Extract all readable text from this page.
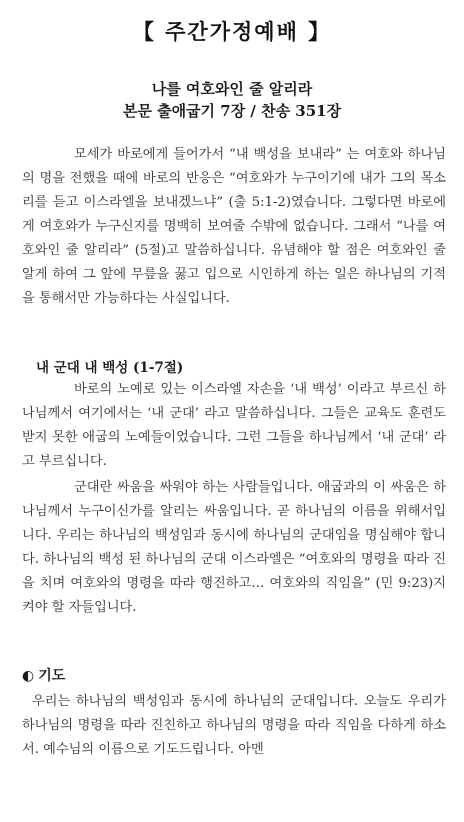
【 주간가정예배 】
나를 여호와인 줄 알리라
본문 출애굽기 7장 / 찬송 351장
모세가 바로에게 들어가서 “내 백성을 보내라” 는 여호와 하나님의 명을 전했을 때에 바로의 반응은 “여호와가 누구이기에 내가 그의 목소리를 듣고 이스라엘을 보내겠느냐” (출 5:1-2)였습니다. 그렇다면 바로에게 여호와가 누구신지를 명백히 보여줄 수밖에 없습니다. 그래서 “나를 여호와인 줄 알리라” (5절)고 말씀하십니다. 유념해야 할 점은 여호와인 줄 알게 하여 그 앞에 무릎을 꿇고 입으로 시인하게 하는 일은 하나님의 기적을 통해서만 가능하다는 사실입니다.
내 군대 내 백성 (1-7절)
바로의 노예로 있는 이스라엘 자손을 ‘내 백성’ 이라고 부르신 하나님께서 여기에서는 ‘내 군대’ 라고 말씀하십니다. 그들은 교육도 훈련도 받지 못한 애굽의 노예들이었습니다. 그런 그들을 하나님께서 ‘내 군대’ 라고 부르십니다.
군대란 싸움을 싸워야 하는 사람들입니다. 애굽과의 이 싸움은 하나님께서 누구이신가를 알리는 싸움입니다. 곧 하나님의 이름을 위해서입니다. 우리는 하나님의 백성임과 동시에 하나님의 군대임을 명심해야 합니다. 하나님의 백성 된 하나님의 군대 이스라엘은 “여호와의 명령을 따라 진을 치며 여호와의 명령을 따라 행진하고… 여호와의 직임을” (민 9:23)지켜야 할 자들입니다.
◐ 기도
우리는 하나님의 백성임과 동시에 하나님의 군대입니다. 오늘도 우리가 하나님의 명령을 따라 진친하고 하나님의 명령을 따라 직임을 다하게 하소서. 예수님의 이름으로 기도드립니다. 아멘
